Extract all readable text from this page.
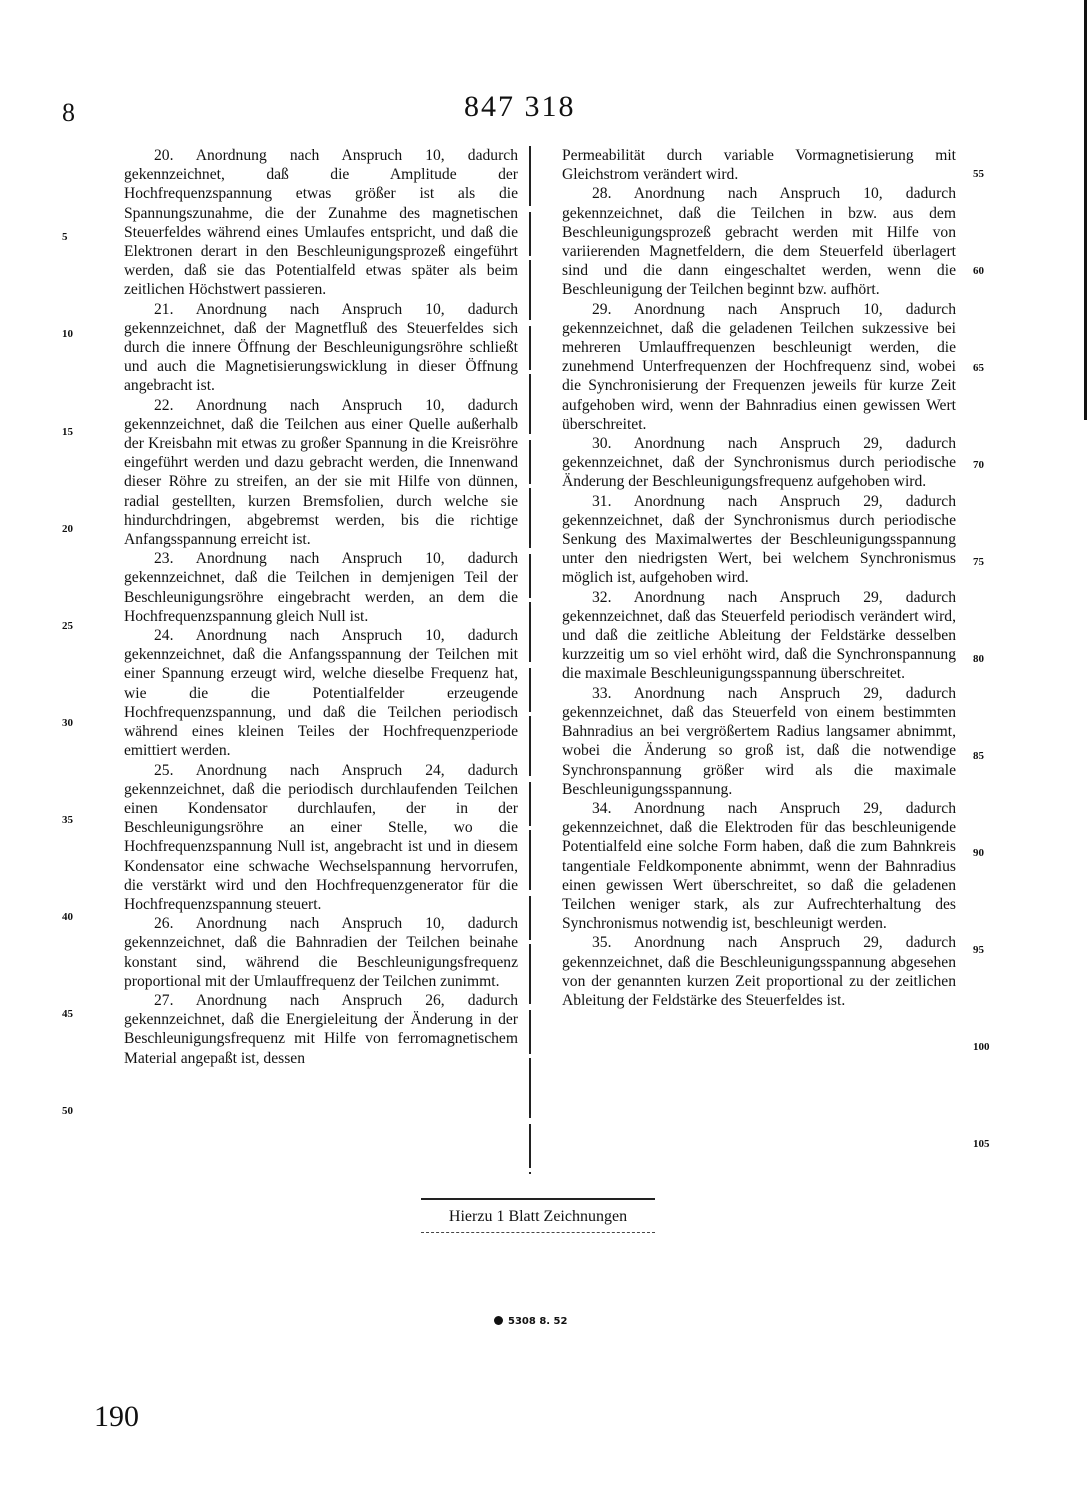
8	847 318

20. Anordnung nach Anspruch 10, dadurch gekennzeichnet, daß die Amplitude der Hochfrequenzspannung etwas größer ist als die Spannungszunahme, die der Zunahme des magnetischen Steuerfeldes während eines Umlaufes entspricht, und daß die Elektronen derart in den Beschleunigungsprozeß eingeführt werden, daß sie das Potentialfeld etwas später als beim zeitlichen Höchstwert passieren.

21. Anordnung nach Anspruch 10, dadurch gekennzeichnet, daß der Magnetfluß des Steuerfeldes sich durch die innere Öffnung der Beschleunigungsröhre schließt und auch die Magnetisierungswicklung in dieser Öffnung angebracht ist.

22. Anordnung nach Anspruch 10, dadurch gekennzeichnet, daß die Teilchen aus einer Quelle außerhalb der Kreisbahn mit etwas zu großer Spannung in die Kreisröhre eingeführt werden und dazu gebracht werden, die Innenwand dieser Röhre zu streifen, an der sie mit Hilfe von dünnen, radial gestellten, kurzen Bremsfolien, durch welche sie hindurchdringen, abgebremst werden, bis die richtige Anfangsspannung erreicht ist.

23. Anordnung nach Anspruch 10, dadurch gekennzeichnet, daß die Teilchen in demjenigen Teil der Beschleunigungsröhre eingebracht werden, an dem die Hochfrequenzspannung gleich Null ist.

24. Anordnung nach Anspruch 10, dadurch gekennzeichnet, daß die Anfangsspannung der Teilchen mit einer Spannung erzeugt wird, welche dieselbe Frequenz hat, wie die die Potentialfelder erzeugende Hochfrequenzspannung, und daß die Teilchen periodisch während eines kleinen Teiles der Hochfrequenzperiode emittiert werden.

25. Anordnung nach Anspruch 24, dadurch gekennzeichnet, daß die periodisch durchlaufenden Teilchen einen Kondensator durchlaufen, der in der Beschleunigungsröhre an einer Stelle, wo die Hochfrequenzspannung Null ist, angebracht ist und in diesem Kondensator eine schwache Wechselspannung hervorrufen, die verstärkt wird und den Hochfrequenzgenerator für die Hochfrequenzspannung steuert.

26. Anordnung nach Anspruch 10, dadurch gekennzeichnet, daß die Bahnradien der Teilchen beinahe konstant sind, während die Beschleunigungsfrequenz proportional mit der Umlauffrequenz der Teilchen zunimmt.

27. Anordnung nach Anspruch 26, dadurch gekennzeichnet, daß die Energieleitung der Änderung in der Beschleunigungsfrequenz mit Hilfe von ferromagnetischem Material angepaßt ist, dessen

Permeabilität durch variable Vormagnetisierung mit Gleichstrom verändert wird.

28. Anordnung nach Anspruch 10, dadurch gekennzeichnet, daß die Teilchen in bzw. aus dem Beschleunigungsprozeß gebracht werden mit Hilfe von variierenden Magnetfeldern, die dem Steuerfeld überlagert sind und die dann eingeschaltet werden, wenn die Beschleunigung der Teilchen beginnt bzw. aufhört.

29. Anordnung nach Anspruch 10, dadurch gekennzeichnet, daß die geladenen Teilchen sukzessive bei mehreren Umlauffrequenzen beschleunigt werden, die zunehmend Unterfrequenzen der Hochfrequenz sind, wobei die Synchronisierung der Frequenzen jeweils für kurze Zeit aufgehoben wird, wenn der Bahnradius einen gewissen Wert überschreitet.

30. Anordnung nach Anspruch 29, dadurch gekennzeichnet, daß der Synchronismus durch periodische Änderung der Beschleunigungsfrequenz aufgehoben wird.

31. Anordnung nach Anspruch 29, dadurch gekennzeichnet, daß der Synchronismus durch periodische Senkung des Maximalwertes der Beschleunigungsspannung unter den niedrigsten Wert, bei welchem Synchronismus möglich ist, aufgehoben wird.

32. Anordnung nach Anspruch 29, dadurch gekennzeichnet, daß das Steuerfeld periodisch verändert wird, und daß die zeitliche Ableitung der Feldstärke desselben kurzzeitig um so viel erhöht wird, daß die Synchronspannung die maximale Beschleunigungsspannung überschreitet.

33. Anordnung nach Anspruch 29, dadurch gekennzeichnet, daß das Steuerfeld von einem bestimmten Bahnradius an bei vergrößertem Radius langsamer abnimmt, wobei die Änderung so groß ist, daß die notwendige Synchronspannung größer wird als die maximale Beschleunigungsspannung.

34. Anordnung nach Anspruch 29, dadurch gekennzeichnet, daß die Elektroden für das beschleunigende Potentialfeld eine solche Form haben, daß die zum Bahnkreis tangentiale Feldkomponente abnimmt, wenn der Bahnradius einen gewissen Wert überschreitet, so daß die geladenen Teilchen weniger stark, als zur Aufrechterhaltung des Synchronismus notwendig ist, beschleunigt werden.

35. Anordnung nach Anspruch 29, dadurch gekennzeichnet, daß die Beschleunigungsspannung abgesehen von der genannten kurzen Zeit proportional zu der zeitlichen Ableitung der Feldstärke des Steuerfeldes ist.

5
10
15
20
25
30
35
40
45
50
55
60
65
70
75
80
85
90
95
100
105
Hierzu 1 Blatt Zeichnungen
5308 8. 52
190
